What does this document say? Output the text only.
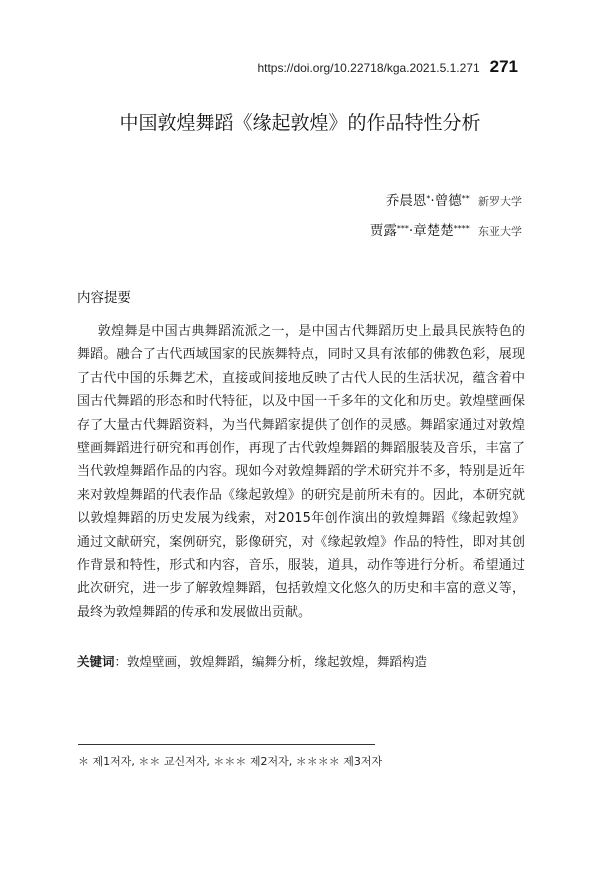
https://doi.org/10.22718/kga.2021.5.1.271 271
中国敦煌舞蹈《缘起敦煌》的作品特性分析
乔晨恩*·曾德** 新罗大学
贾露***·章楚楚**** 东亚大学
内容提要

敦煌舞是中国古典舞蹈流派之一，是中国古代舞蹈历史上最具民族特色的舞蹈。融合了古代西域国家的民族舞特点，同时又具有浓郁的佛教色彩，展现了古代中国的乐舞艺术，直接或间接地反映了古代人民的生活状况，蕴含着中国古代舞蹈的形态和时代特征，以及中国一千多年的文化和历史。敦煌壁画保存了大量古代舞蹈资料，为当代舞蹈家提供了创作的灵感。舞蹈家通过对敦煌壁画舞蹈进行研究和再创作，再现了古代敦煌舞蹈的舞蹈服装及音乐，丰富了当代敦煌舞蹈作品的内容。现如今对敦煌舞蹈的学术研究并不多，特别是近年来对敦煌舞蹈的代表作品《缘起敦煌》的研究是前所未有的。因此，本研究就以敦煌舞蹈的历史发展为线索，对2015年创作演出的敦煌舞蹈《缘起敦煌》通过文献研究，案例研究，影像研究，对《缘起敦煌》作品的特性，即对其创作背景和特性，形式和内容，音乐，服装，道具，动作等进行分析。希望通过此次研究，进一步了解敦煌舞蹈，包括敦煌文化悠久的历史和丰富的意义等，最终为敦煌舞蹈的传承和发展做出贡献。

关键词：敦煌壁画，敦煌舞蹈，编舞分析，缘起敦煌，舞蹈构造
＊ 제1저자, ＊＊ 교신저자, ＊＊＊ 제2저자, ＊＊＊＊ 제3저자
